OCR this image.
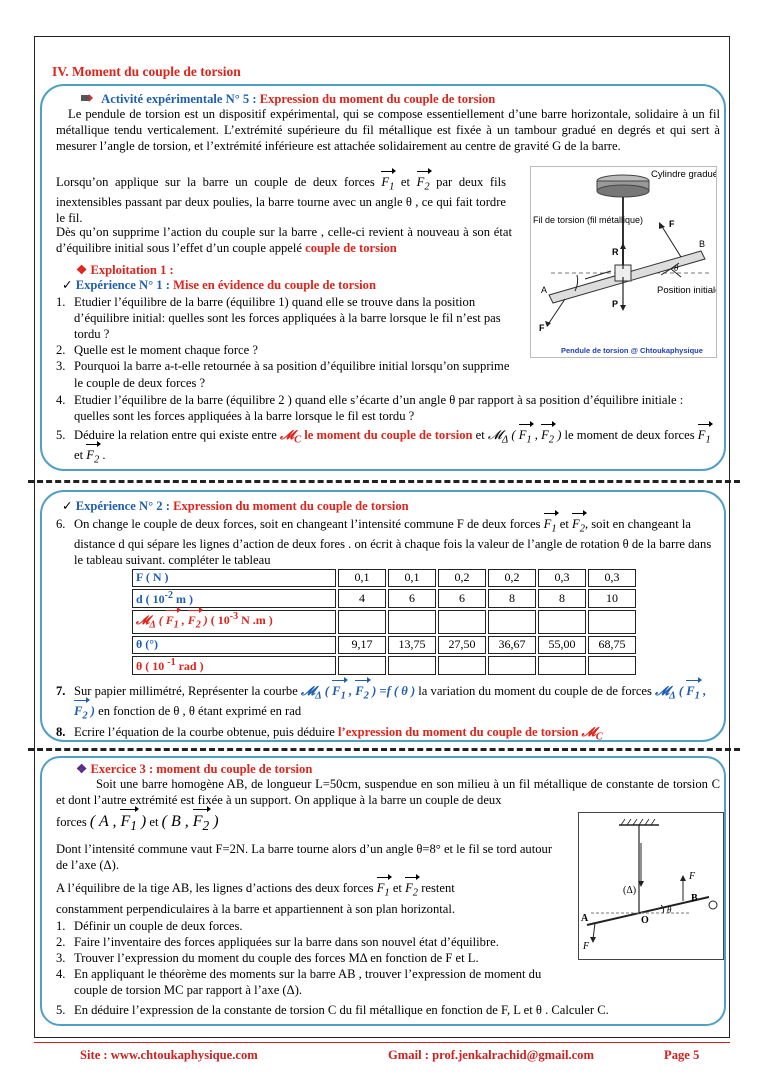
IV. Moment du couple de torsion
Activité expérimentale N° 5 : Expression du moment du couple de torsion
Le pendule de torsion est un dispositif expérimental, qui se compose essentiellement d’une barre horizontale, solidaire à un fil métallique tendu verticalement. L’extrémité supérieure du fil métallique est fixée à un tambour gradué en degrés et qui sert à mesurer l’angle de torsion, et l’extrémité inférieure est attachée solidairement au centre de gravité G de la barre.
Lorsqu’on applique sur la barre un couple de deux forces $F_1$ et $F_2$ par deux fils inextensibles passant par deux poulies, la barre tourne avec un angle θ , ce qui fait tordre le fil.
Dès qu’on supprime l’action du couple sur la barre , celle-ci revient à nouveau à son état d’équilibre initial sous l’effet d’un couple appelé couple de torsion
Cylindre gradué
Fil de torsion (fil métallique)
Position initiale
R
P
F
F
A
B
θ
Pendule de torsion @ Chtoukaphysique
❖ Exploitation 1 :
✓ Expérience N° 1 : Mise en évidence du couple de torsion
1. Etudier l’équilibre de la barre (équilibre 1) quand elle se trouve dans la position d’équilibre initial: quelles sont les forces appliquées à la barre lorsque le fil n’est pas tordu ?
2. Quelle est le moment chaque force ?
3. Pourquoi la barre a-t-elle retournée à sa position d’équilibre initial lorsqu’on supprime le couple de deux forces ?
4. Etudier l’équilibre de la barre (équilibre 2 ) quand elle s’écarte d’un angle θ par rapport à sa position d’équilibre initiale : quelles sont les forces appliquées à la barre lorsque le fil est tordu ?
5. Déduire la relation entre qui existe entre 𝓜$_C$ le moment du couple de torsion et 𝓜$_\Delta$ ( $F_1$ , $F_2$ ) le moment de deux forces $F_1$ et $F_2$ .
✓ Expérience N° 2 : Expression du moment du couple de torsion
6. On change le couple de deux forces, soit en changeant l’intensité commune F de deux forces $F_1$ et $F_2$, soit en changeant la distance d qui sépare les lignes d’action de deux fores . on écrit à chaque fois la valeur de l’angle de rotation θ de la barre dans le tableau suivant. compléter le tableau
F ( N )	0,1	0,1	0,2	0,2	0,3	0,3
d ( $10^{-2}$ m )	4	6	6	8	8	10
𝓜$_\Delta$ ( $F_1$ , $F_2$ ) ( $10^{-3}$ N .m )						
θ (°)	9,17	13,75	27,50	36,67	55,00	68,75
θ ( 10 $^{-1}$ rad )						
7. Sur papier millimétré, Représenter la courbe 𝓜$_\Delta$ ( $F_1$ , $F_2$ ) =f ( θ ) la variation du moment du couple de de forces 𝓜$_\Delta$ ( $F_1$ , $F_2$ ) en fonction de θ , θ étant exprimé en rad
8. Ecrire l’équation de la courbe obtenue, puis déduire l’expression du moment du couple de torsion 𝓜$_C$
❖ Exercice 3 : moment du couple de torsion
Soit une barre homogène AB, de longueur L=50cm, suspendue en son milieu à un fil métallique de constante de torsion C et dont l’autre extrémité est fixée à un support. On applique à la barre un couple de deux
forces ( A , $F_1$ ) et ( B , $F_2$ )
Dont l’intensité commune vaut F=2N. La barre tourne alors d’un angle θ=8° et le fil se tord autour de l’axe (Δ).
A l’équilibre de la tige AB, les lignes d’actions des deux forces $F_1$ et $F_2$ restent
constamment perpendiculaires à la barre et appartiennent à son plan horizontal.
1. Définir un couple de deux forces.
2. Faire l’inventaire des forces appliquées sur la barre dans son nouvel état d’équilibre.
3. Trouver l’expression du moment du couple des forces MΔ en fonction de F et L.
4. En appliquant le théorème des moments sur la barre AB , trouver l’expression de moment du couple de torsion MC par rapport à l’axe (Δ).
5. En déduire l’expression de la constante de torsion C du fil métallique en fonction de F, L et θ . Calculer C.
(Δ)
A
B
O
θ
F
F
Site : www.chtoukaphysique.com	Gmail : prof.jenkalrachid@gmail.com	Page 5
